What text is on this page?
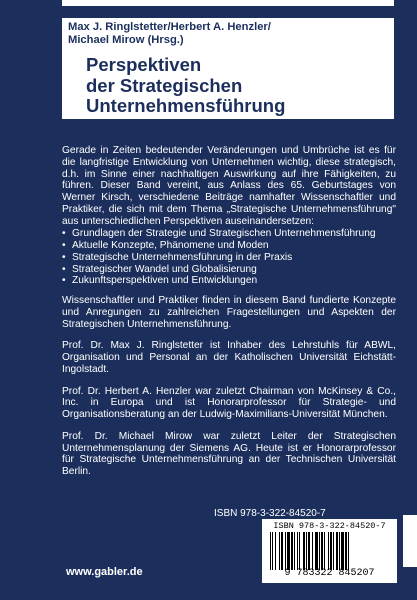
Max J. Ringlstetter/Herbert A. Henzler/
Michael Mirow (Hrsg.)
Perspektiven
der Strategischen
Unternehmensführung

Gerade in Zeiten bedeutender Veränderungen und Umbrüche ist es für die langfristige Entwicklung von Unternehmen wichtig, diese strategisch, d.h. im Sinne einer nachhaltigen Auswirkung auf ihre Fähigkeiten, zu führen. Dieser Band vereint, aus Anlass des 65. Geburtstages von Werner Kirsch, verschiedene Beiträge namhafter Wissenschaftler und Praktiker, die sich mit dem Thema „Strategische Unternehmensführung" aus unterschiedlichen Perspektiven auseinandersetzen:

• Grundlagen der Strategie und Strategischen Unternehmensführung
• Aktuelle Konzepte, Phänomene und Moden
• Strategische Unternehmensführung in der Praxis
• Strategischer Wandel und Globalisierung
• Zukunftsperspektiven und Entwicklungen

Wissenschaftler und Praktiker finden in diesem Band fundierte Konzepte und Anregungen zu zahlreichen Fragestellungen und Aspekten der Strategischen Unternehmensführung.

Prof. Dr. Max J. Ringlstetter ist Inhaber des Lehrstuhls für ABWL, Organisation und Personal an der Katholischen Universität Eichstätt-Ingolstadt.

Prof. Dr. Herbert A. Henzler war zuletzt Chairman von McKinsey & Co., Inc. in Europa und ist Honorarprofessor für Strategie- und Organisationsberatung an der Ludwig-Maximilians-Universität München.

Prof. Dr. Michael Mirow war zuletzt Leiter der Strategischen Unternehmensplanung der Siemens AG. Heute ist er Honorarprofessor für Strategische Unternehmensführung an der Technischen Universität Berlin.

ISBN 978-3-322-84520-7
ISBN 978-3-322-84520-7
9 783322 845207
www.gabler.de
